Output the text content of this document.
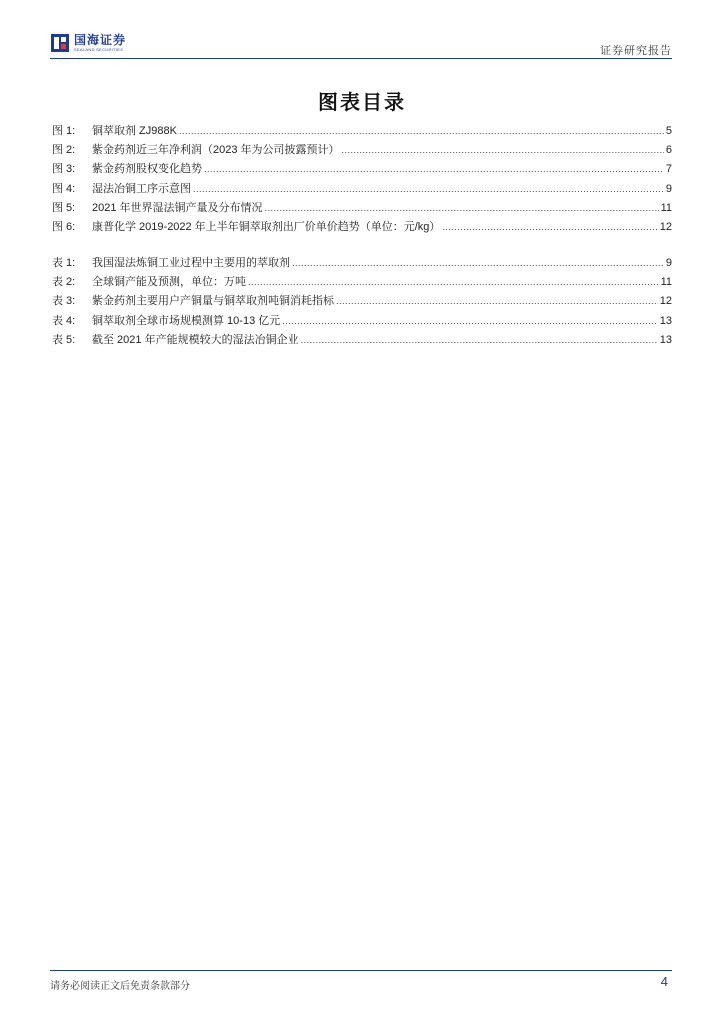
国海证券
SEALAND SECURITIES	证券研究报告
图表目录
图 1:	铜萃取剂 ZJ988K .....	5
图 2:	紫金药剂近三年净利润（2023 年为公司披露预计） .....	6
图 3:	紫金药剂股权变化趋势 .....	7
图 4:	湿法冶铜工序示意图 .....	9
图 5:	2021 年世界湿法铜产量及分布情况 .....	11
图 6:	康普化学 2019-2022 年上半年铜萃取剂出厂价单价趋势（单位：元/kg） .....	12
表 1:	我国湿法炼铜工业过程中主要用的萃取剂 .....	9
表 2:	全球铜产能及预测，单位：万吨 .....	11
表 3:	紫金药剂主要用户产铜量与铜萃取剂吨铜消耗指标 .....	12
表 4:	铜萃取剂全球市场规模测算 10-13 亿元 .....	13
表 5:	截至 2021 年产能规模较大的湿法冶铜企业 .....	13
请务必阅读正文后免责条款部分	4
